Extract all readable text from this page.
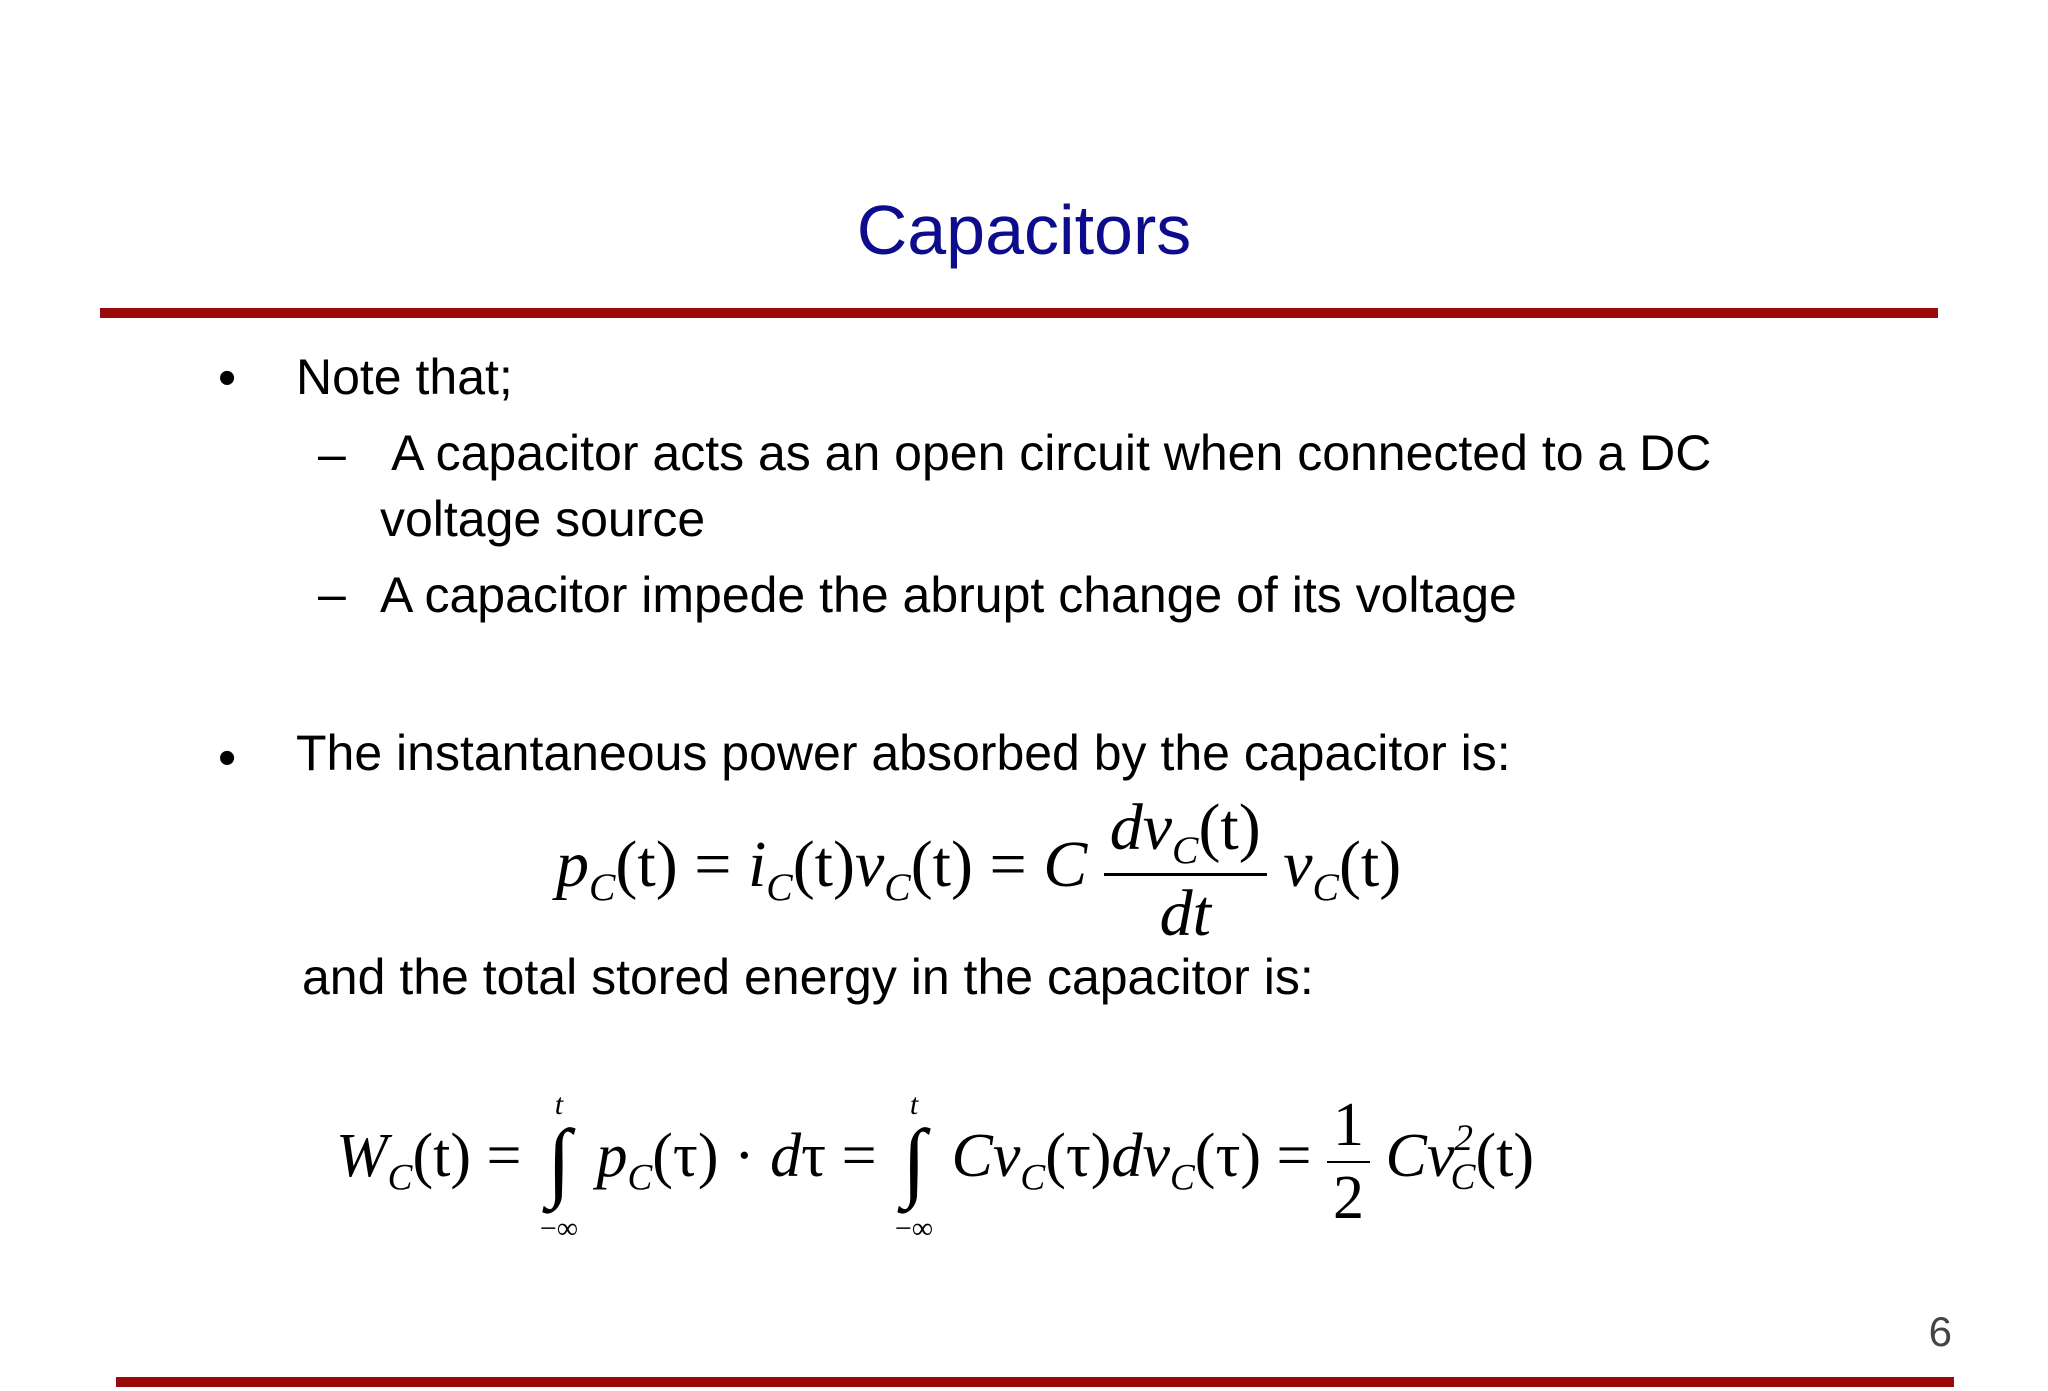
Capacitors
• Note that;
– A capacitor acts as an open circuit when connected to a DC
voltage source
– A capacitor impede the abrupt change of its voltage
• The instantaneous power absorbed by the capacitor is:
$p_C(t) = i_C(t)v_C(t) = C \frac{dv_C(t)}{dt} v_C(t)$
and the total stored energy in the capacitor is:
$W_C(t)$ =
t
∫
−∞
$p_C(\tau) \cdot d\tau$ =
t
∫
−∞
$Cv_C(\tau)dv_C(\tau) = \frac{1}{2} Cv^2_C(t)$
6
